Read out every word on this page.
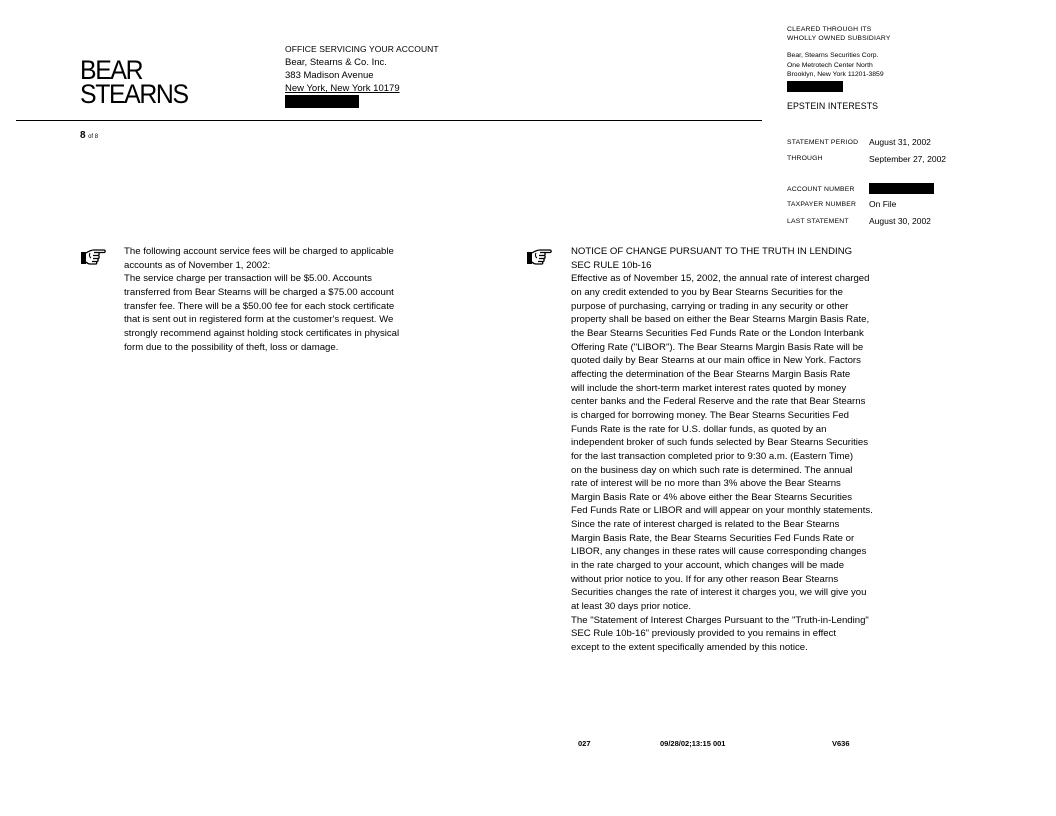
BEAR
STEARNS
OFFICE SERVICING YOUR ACCOUNT
Bear, Stearns & Co. Inc.
383 Madison Avenue
New York, New York 10179
8 of 8
CLEARED THROUGH ITS
WHOLLY OWNED SUBSIDIARY
Bear, Stearns Securities Corp.
One Metrotech Center North
Brooklyn, New York 11201-3859
EPSTEIN INTERESTS
STATEMENT PERIOD August 31, 2002
THROUGH	September 27, 2002
ACCOUNT NUMBER
TAXPAYER NUMBER On File
LAST STATEMENT August 30, 2002
The following account service fees will be charged to applicable
accounts as of November 1, 2002:
The service charge per transaction will be $5.00. Accounts
transferred from Bear Stearns will be charged a $75.00 account
transfer fee. There will be a $50.00 fee for each stock certificate
that is sent out in registered form at the customer's request. We
strongly recommend against holding stock certificates in physical
form due to the possibility of theft, loss or damage.
NOTICE OF CHANGE PURSUANT TO THE TRUTH IN LENDING
SEC RULE 10b-16
Effective as of November 15, 2002, the annual rate of interest charged
on any credit extended to you by Bear Stearns Securities for the
purpose of purchasing, carrying or trading in any security or other
property shall be based on either the Bear Stearns Margin Basis Rate,
the Bear Stearns Securities Fed Funds Rate or the London Interbank
Offering Rate ("LIBOR"). The Bear Stearns Margin Basis Rate will be
quoted daily by Bear Stearns at our main office in New York. Factors
affecting the determination of the Bear Stearns Margin Basis Rate
will include the short-term market interest rates quoted by money
center banks and the Federal Reserve and the rate that Bear Stearns
is charged for borrowing money. The Bear Stearns Securities Fed
Funds Rate is the rate for U.S. dollar funds, as quoted by an
independent broker of such funds selected by Bear Stearns Securities
for the last transaction completed prior to 9:30 a.m. (Eastern Time)
on the business day on which such rate is determined. The annual
rate of interest will be no more than 3% above the Bear Stearns
Margin Basis Rate or 4% above either the Bear Stearns Securities
Fed Funds Rate or LIBOR and will appear on your monthly statements.
Since the rate of interest charged is related to the Bear Stearns
Margin Basis Rate, the Bear Stearns Securities Fed Funds Rate or
LIBOR, any changes in these rates will cause corresponding changes
in the rate charged to your account, which changes will be made
without prior notice to you. If for any other reason Bear Stearns
Securities changes the rate of interest it charges you, we will give you
at least 30 days prior notice.
The "Statement of Interest Charges Pursuant to the "Truth-in-Lending"
SEC Rule 10b-16" previously provided to you remains in effect
except to the extent specifically amended by this notice.
027	09/28/02;13:15 001	V636
